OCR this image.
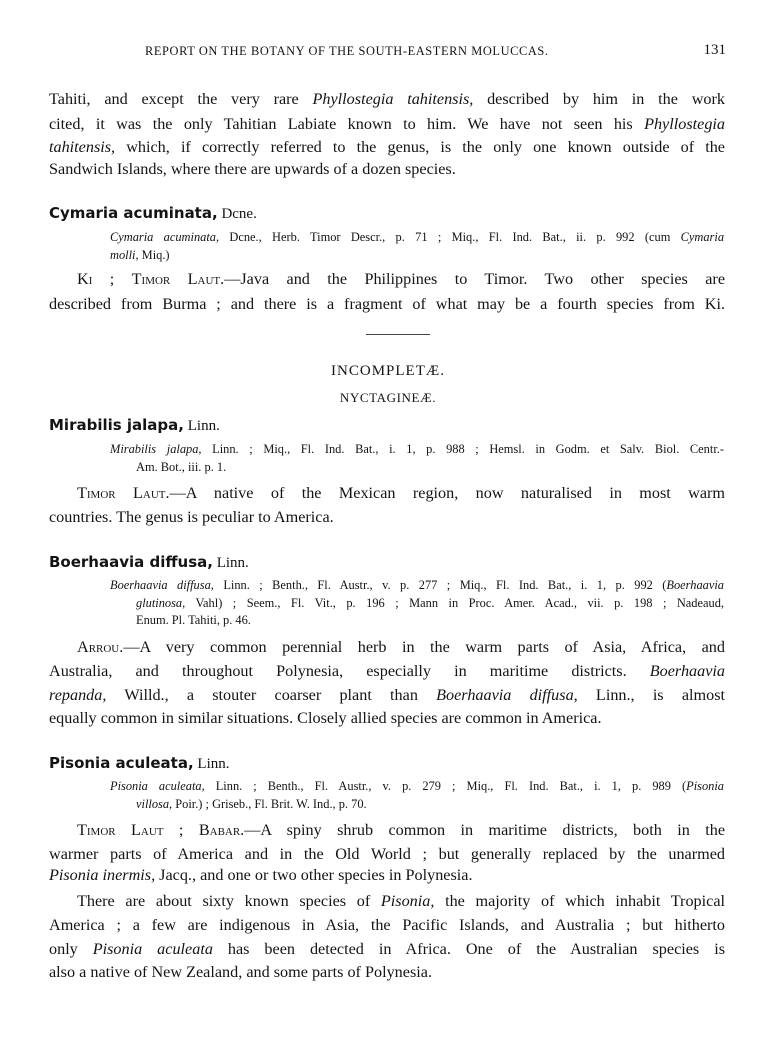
REPORT ON THE BOTANY OF THE SOUTH-EASTERN MOLUCCAS.	131
Tahiti, and except the very rare Phyllostegia tahitensis, described by him in the work
cited, it was the only Tahitian Labiate known to him. We have not seen his Phyllostegia
tahitensis, which, if correctly referred to the genus, is the only one known outside of the
Sandwich Islands, where there are upwards of a dozen species.
Cymaria acuminata, Dcne.
Cymaria acuminata, Dcne., Herb. Timor Descr., p. 71 ; Miq., Fl. Ind. Bat., ii. p. 992 (cum Cymaria
molli, Miq.)
Ki ; Timor Laut.—Java and the Philippines to Timor. Two other species are
described from Burma ; and there is a fragment of what may be a fourth species from Ki.
INCOMPLETÆ.
NYCTAGINEÆ.
Mirabilis jalapa, Linn.
Mirabilis jalapa, Linn. ; Miq., Fl. Ind. Bat., i. 1, p. 988 ; Hemsl. in Godm. et Salv. Biol. Centr.-
Am. Bot., iii. p. 1.
Timor Laut.—A native of the Mexican region, now naturalised in most warm
countries. The genus is peculiar to America.
Boerhaavia diffusa, Linn.
Boerhaavia diffusa, Linn. ; Benth., Fl. Austr., v. p. 277 ; Miq., Fl. Ind. Bat., i. 1, p. 992 (Boerhaavia
glutinosa, Vahl) ; Seem., Fl. Vit., p. 196 ; Mann in Proc. Amer. Acad., vii. p. 198 ; Nadeaud,
Enum. Pl. Tahiti, p. 46.
Arrou.—A very common perennial herb in the warm parts of Asia, Africa, and
Australia, and throughout Polynesia, especially in maritime districts. Boerhaavia
repanda, Willd., a stouter coarser plant than Boerhaavia diffusa, Linn., is almost
equally common in similar situations. Closely allied species are common in America.
Pisonia aculeata, Linn.
Pisonia aculeata, Linn. ; Benth., Fl. Austr., v. p. 279 ; Miq., Fl. Ind. Bat., i. 1, p. 989 (Pisonia
villosa, Poir.) ; Griseb., Fl. Brit. W. Ind., p. 70.
Timor Laut ; Babar.—A spiny shrub common in maritime districts, both in the
warmer parts of America and in the Old World ; but generally replaced by the unarmed
Pisonia inermis, Jacq., and one or two other species in Polynesia.
There are about sixty known species of Pisonia, the majority of which inhabit Tropical
America ; a few are indigenous in Asia, the Pacific Islands, and Australia ; but hitherto
only Pisonia aculeata has been detected in Africa. One of the Australian species is
also a native of New Zealand, and some parts of Polynesia.
